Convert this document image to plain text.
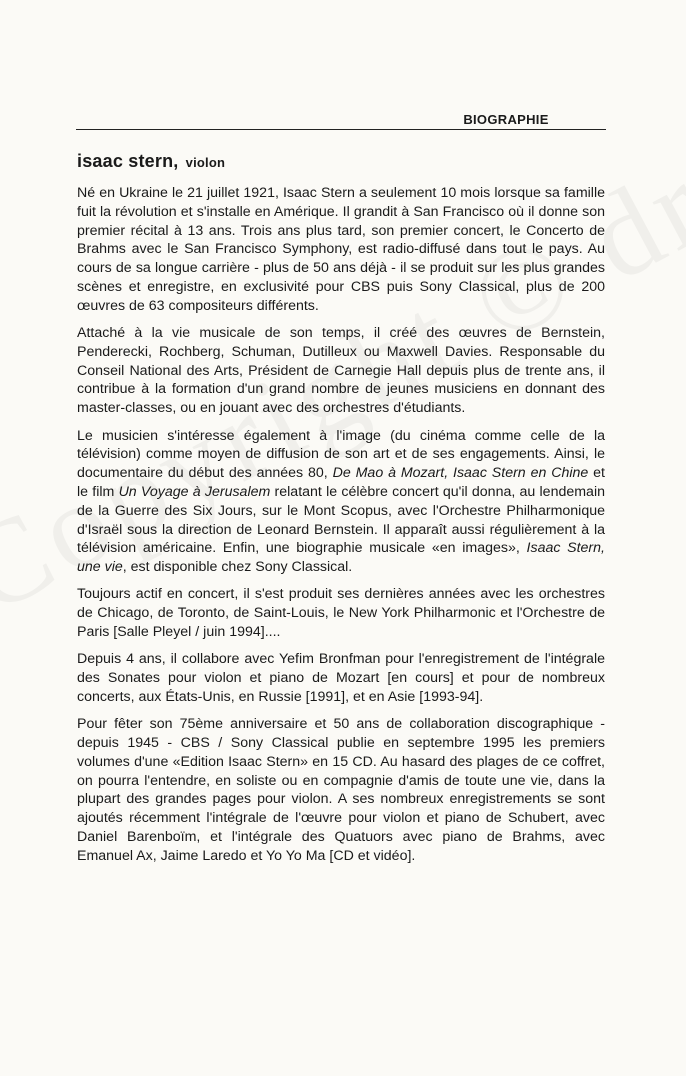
BIOGRAPHIE
isaac stern, violon

Né en Ukraine le 21 juillet 1921, Isaac Stern a seulement 10 mois lorsque sa famille fuit la révolution et s'installe en Amérique. Il grandit à San Francisco où il donne son premier récital à 13 ans. Trois ans plus tard, son premier concert, le Concerto de Brahms avec le San Francisco Symphony, est radio-diffusé dans tout le pays. Au cours de sa longue carrière - plus de 50 ans déjà - il se produit sur les plus grandes scènes et enregistre, en exclusivité pour CBS puis Sony Classical, plus de 200 œuvres de 63 compositeurs différents.

Attaché à la vie musicale de son temps, il créé des œuvres de Bernstein, Penderecki, Rochberg, Schuman, Dutilleux ou Maxwell Davies. Responsable du Conseil National des Arts, Président de Carnegie Hall depuis plus de trente ans, il contribue à la formation d'un grand nombre de jeunes musiciens en donnant des master-classes, ou en jouant avec des orchestres d'étudiants.

Le musicien s'intéresse également à l'image (du cinéma comme celle de la télévision) comme moyen de diffusion de son art et de ses engagements. Ainsi, le documentaire du début des années 80, De Mao à Mozart, Isaac Stern en Chine et le film Un Voyage à Jerusalem relatant le célèbre concert qu'il donna, au lendemain de la Guerre des Six Jours, sur le Mont Scopus, avec l'Orchestre Philharmonique d'Israël sous la direction de Leonard Bernstein. Il apparaît aussi régulièrement à la télévision américaine. Enfin, une biographie musicale «en images», Isaac Stern, une vie, est disponible chez Sony Classical.

Toujours actif en concert, il s'est produit ses dernières années avec les orchestres de Chicago, de Toronto, de Saint-Louis, le New York Philharmonic et l'Orchestre de Paris [Salle Pleyel / juin 1994]....

Depuis 4 ans, il collabore avec Yefim Bronfman pour l'enregistrement de l'intégrale des Sonates pour violon et piano de Mozart [en cours] et pour de nombreux concerts, aux États-Unis, en Russie [1991], et en Asie [1993-94].

Pour fêter son 75ème anniversaire et 50 ans de collaboration discographique - depuis 1945 - CBS / Sony Classical publie en septembre 1995 les premiers volumes d'une «Edition Isaac Stern» en 15 CD. Au hasard des plages de ce coffret, on pourra l'entendre, en soliste ou en compagnie d'amis de toute une vie, dans la plupart des grandes pages pour violon. A ses nombreux enregistrements se sont ajoutés récemment l'intégrale de l'œuvre pour violon et piano de Schubert, avec Daniel Barenboïm, et l'intégrale des Quatuors avec piano de Brahms, avec Emanuel Ax, Jaime Laredo et Yo Yo Ma [CD et vidéo].
